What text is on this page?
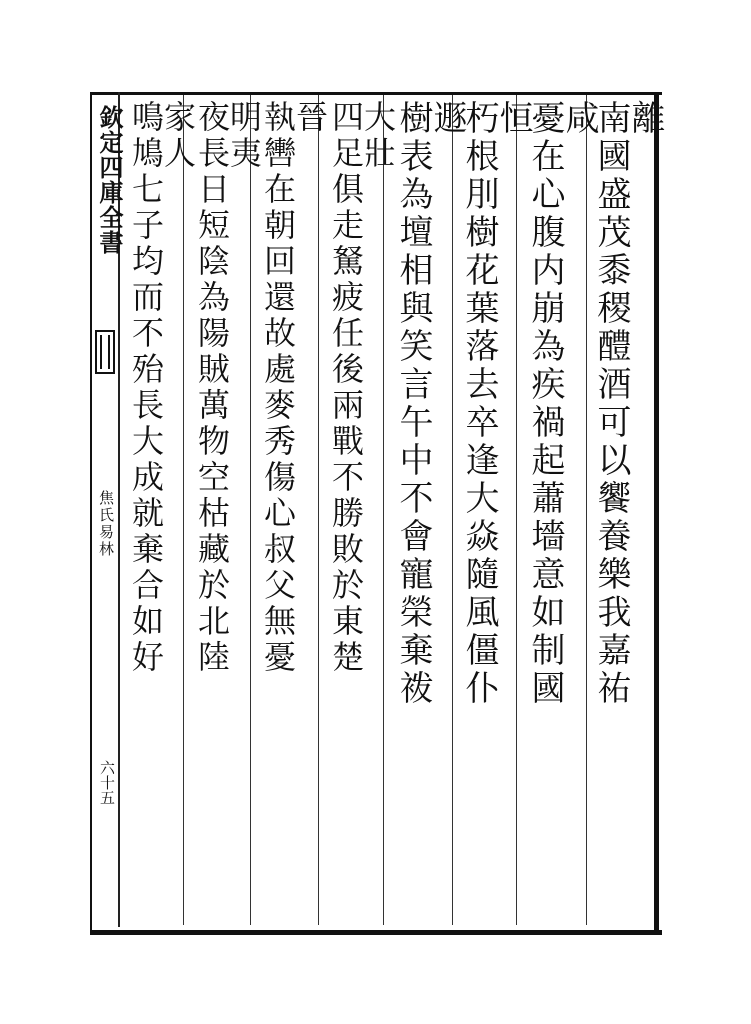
欽定四庫全書
焦氏易林
六十五
離
南國盛茂黍稷醴酒可以饗養樂我嘉祐
咸
憂在心腹内崩為疾禍起蕭墻意如制國
恒
朽根刖樹花葉落去卒逢大焱隨風僵仆
遯
樹表為壇相與笑言午中不會寵榮棄袯
大壯
四足俱走駑疲任後兩戰不勝敗於東楚
晉
執轡在朝回還故處麥秀傷心叔父無憂
明夷
夜長日短陰為陽賊萬物空枯藏於北陸
家人
鳴鳩七子均而不殆長大成就棄合如好
